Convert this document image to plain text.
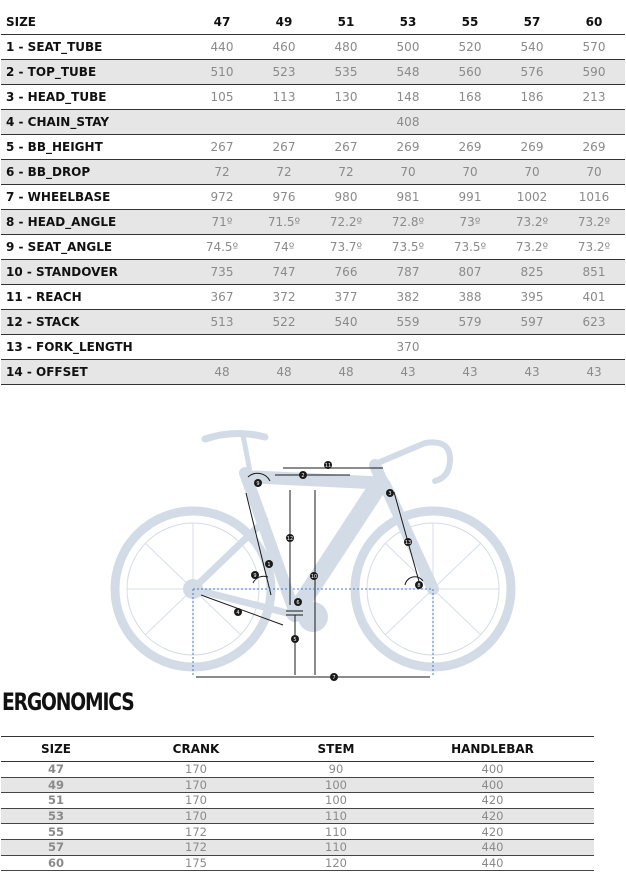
SIZE	47	49	51	53	55	57	60
1 - SEAT_TUBE	440	460	480	500	520	540	570
2 - TOP_TUBE	510	523	535	548	560	576	590
3 - HEAD_TUBE	105	113	130	148	168	186	213
4 - CHAIN_STAY				408			
5 - BB_HEIGHT	267	267	267	269	269	269	269
6 - BB_DROP	72	72	72	70	70	70	70
7 - WHEELBASE	972	976	980	981	991	1002	1016
8 - HEAD_ANGLE	71º	71.5º	72.2º	72.8º	73º	73.2º	73.2º
9 - SEAT_ANGLE	74.5º	74º	73.7º	73.5º	73.5º	73.2º	73.2º
10 - STANDOVER	735	747	766	787	807	825	851
11 - REACH	367	372	377	382	388	395	401
12 - STACK	513	522	540	559	579	597	623
13 - FORK_LENGTH				370			
14 - OFFSET	48	48	48	43	43	43	43
1
2
3
4
5
6
7
8
9
9	10
11
12
13
ERGONOMICS
SIZE	CRANK	STEM	HANDLEBAR
47	170	90	400
49	170	100	400
51	170	100	420
53	170	110	420
55	172	110	420
57	172	110	440
60	175	120	440
